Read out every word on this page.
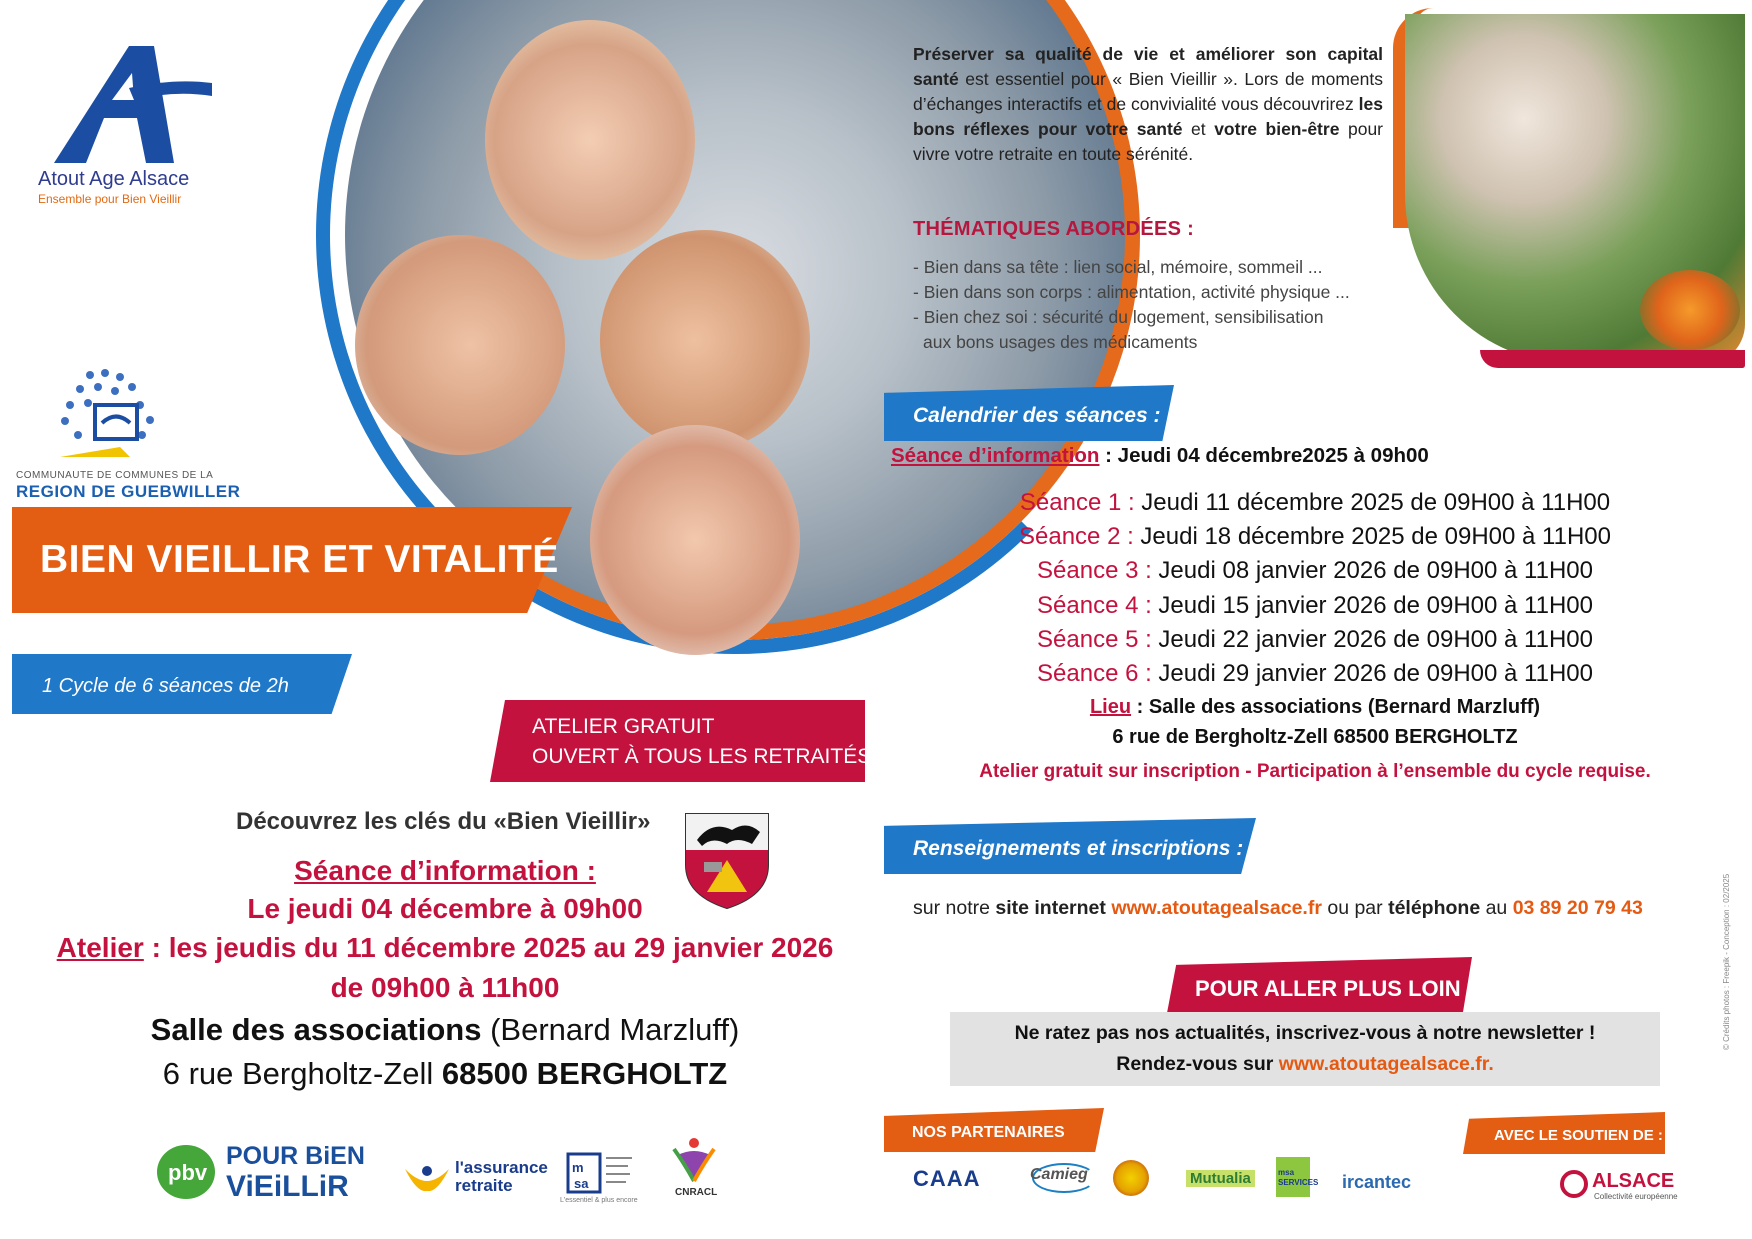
Atout Age Alsace
Ensemble pour Bien Vieillir
COMMUNAUTE DE COMMUNES DE LA
REGION DE GUEBWILLER
BIEN VIEILLIR ET VITALITÉ
1 Cycle de 6 séances de 2h
ATELIER GRATUIT
OUVERT À TOUS LES RETRAITÉS
Découvrez les clés du «Bien Vieillir»
Séance d’information :
Le jeudi 04 décembre à 09h00
Atelier : les jeudis du 11 décembre 2025 au 29 janvier 2026
de 09h00 à 11h00
Salle des associations (Bernard Marzluff)
6 rue Bergholtz-Zell 68500 BERGHOLTZ
pbv
POUR BiEN
ViEiLLiR
l'assurance
retraite
m
sa
L'essentiel & plus encore
CNRACL
Préserver sa qualité de vie et améliorer son capital santé est essentiel pour « Bien Vieillir ». Lors de moments d’échanges interactifs et de convivialité vous découvrirez les bons réflexes pour votre santé et votre bien-être pour vivre votre retraite en toute sérénité.
THÉMATIQUES ABORDÉES :
- Bien dans sa tête : lien social, mémoire, sommeil ...
- Bien dans son corps : alimentation, activité physique ...
- Bien chez soi : sécurité du logement, sensibilisation
aux bons usages des médicaments
Calendrier des séances :
Séance d’information : Jeudi 04 décembre2025 à 09h00
Séance 1 : Jeudi 11 décembre 2025 de 09H00 à 11H00
Séance 2 : Jeudi 18 décembre 2025 de 09H00 à 11H00
Séance 3 : Jeudi 08 janvier 2026 de 09H00 à 11H00
Séance 4 : Jeudi 15 janvier 2026 de 09H00 à 11H00
Séance 5 : Jeudi 22 janvier 2026 de 09H00 à 11H00
Séance 6 : Jeudi 29 janvier 2026 de 09H00 à 11H00
Lieu : Salle des associations (Bernard Marzluff)
6 rue de Bergholtz-Zell 68500 BERGHOLTZ
Atelier gratuit sur inscription - Participation à l’ensemble du cycle requise.
Renseignements et inscriptions :
sur notre site internet www.atoutagealsace.fr ou par téléphone au 03 89 20 79 43
POUR ALLER PLUS LOIN
Ne ratez pas nos actualités, inscrivez-vous à notre newsletter !
Rendez-vous sur www.atoutagealsace.fr.
NOS PARTENAIRES	AVEC LE SOUTIEN DE :
CAAA	Camieg	Mutualia	msa SERVICES ircantec	ALSACE
Collectivité européenne
© Crédits photos : Freepik - Conception : 02/2025
